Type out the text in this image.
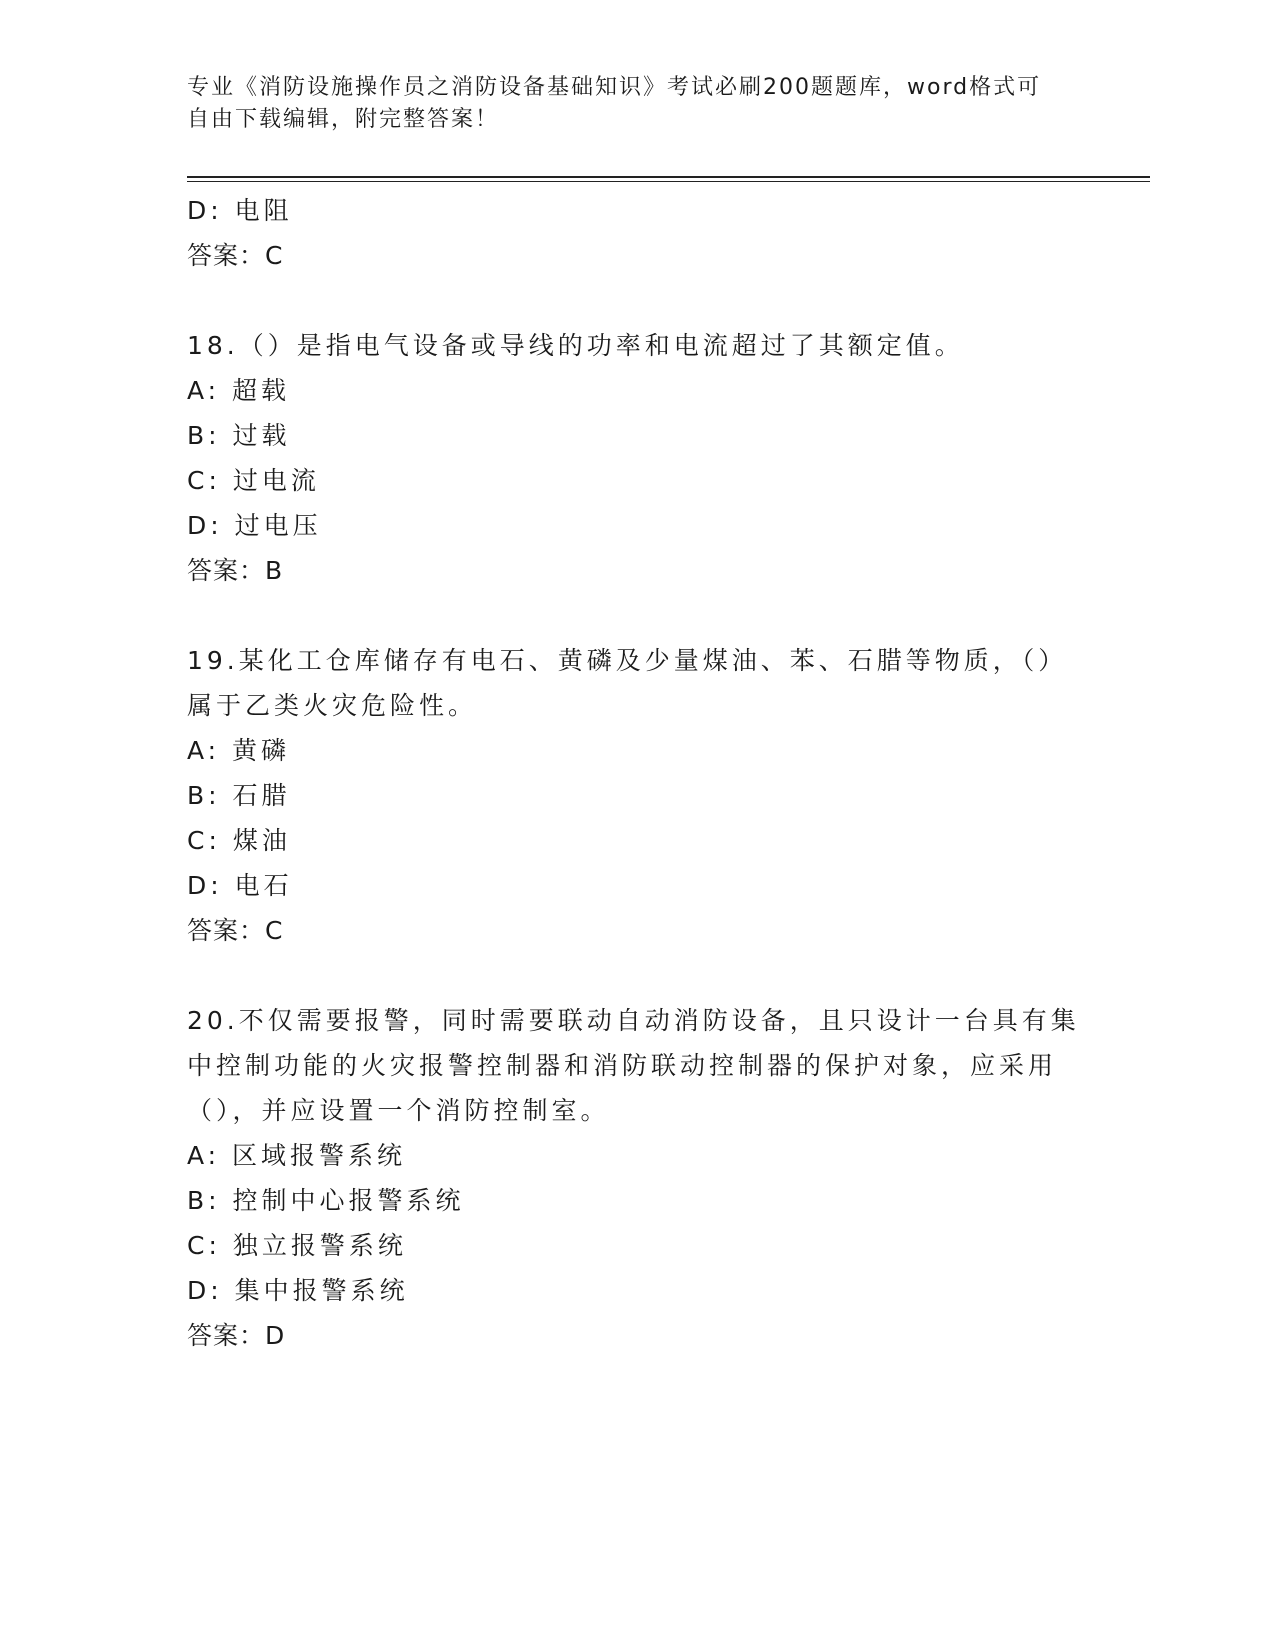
专业《消防设施操作员之消防设备基础知识》考试必刷200题题库，word格式可
自由下载编辑，附完整答案！
D: 电阻
答案：C
18.（）是指电气设备或导线的功率和电流超过了其额定值。
A: 超载
B: 过载
C: 过电流
D: 过电压
答案：B
19.某化工仓库储存有电石、黄磷及少量煤油、苯、石腊等物质，（）
属于乙类火灾危险性。
A: 黄磷
B: 石腊
C: 煤油
D: 电石
答案：C
20.不仅需要报警，同时需要联动自动消防设备，且只设计一台具有集
中控制功能的火灾报警控制器和消防联动控制器的保护对象，应采用
（），并应设置一个消防控制室。
A: 区域报警系统
B: 控制中心报警系统
C: 独立报警系统
D: 集中报警系统
答案：D
